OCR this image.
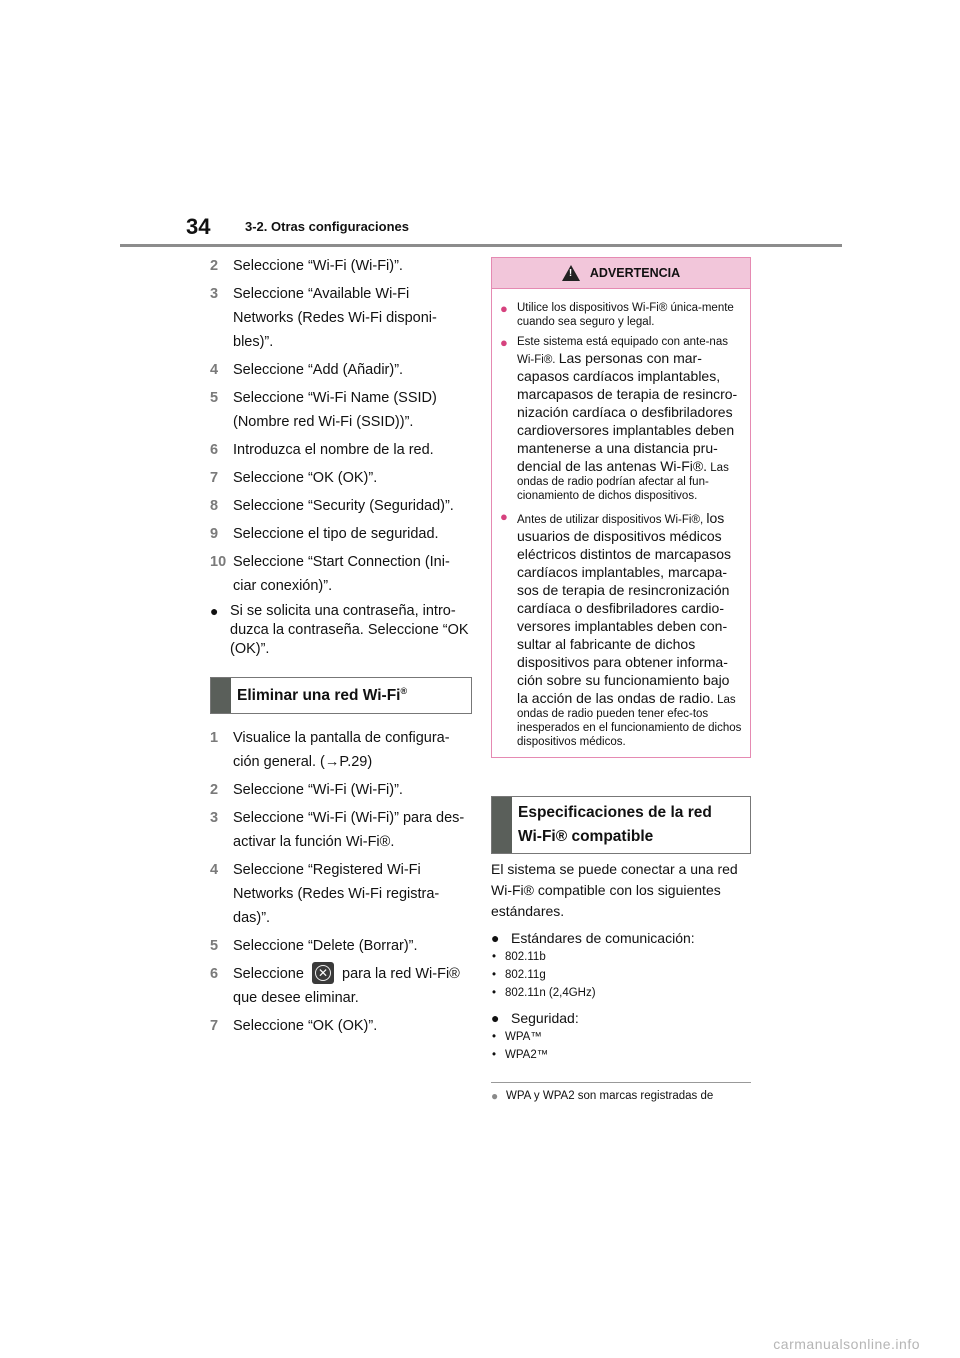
34	3-2. Otras configuraciones
2	Seleccione “Wi-Fi (Wi-Fi)”.
3	Seleccione “Available Wi-Fi Networks (Redes Wi-Fi disponi-bles)”.
4	Seleccione “Add (Añadir)”.
5	Seleccione “Wi-Fi Name (SSID) (Nombre red Wi-Fi (SSID))”.
6	Introduzca el nombre de la red.
7	Seleccione “OK (OK)”.
8	Seleccione “Security (Seguridad)”.
9	Seleccione el tipo de seguridad.
10 Seleccione “Start Connection (Ini-ciar conexión)”.
● Si se solicita una contraseña, intro-duzca la contraseña. Seleccione “OK (OK)”.
Eliminar una red Wi-Fi®
1	Visualice la pantalla de configura-ción general. (→P.29)
2	Seleccione “Wi-Fi (Wi-Fi)”.
3	Seleccione “Wi-Fi (Wi-Fi)” para des-activar la función Wi-Fi®.
4	Seleccione “Registered Wi-Fi Networks (Redes Wi-Fi registra-das)”.
5	Seleccione “Delete (Borrar)”.
6	Seleccione	✕ para la red Wi-Fi® que desee eliminar.
7	Seleccione “OK (OK)”.
! ADVERTENCIA
● Utilice los dispositivos Wi-Fi® única-mente cuando sea seguro y legal.
● Este sistema está equipado con ante-nas Wi-Fi®. Las personas con mar-capasos cardíacos implantables, marcapasos de terapia de resincro-nización cardíaca o desfibriladores cardioversores implantables deben mantenerse a una distancia pru-dencial de las antenas Wi-Fi®. Las ondas de radio podrían afectar al fun-cionamiento de dichos dispositivos.
● Antes de utilizar dispositivos Wi-Fi®, los usuarios de dispositivos médicos eléctricos distintos de marcapasos cardíacos implantables, marcapa-sos de terapia de resincronización cardíaca o desfibriladores cardio-versores implantables deben con-sultar al fabricante de dichos dispositivos para obtener informa-ción sobre su funcionamiento bajo la acción de las ondas de radio. Las ondas de radio pueden tener efec-tos inesperados en el funcionamiento de dichos dispositivos médicos.
Especificaciones de la red
Wi-Fi® compatible
El sistema se puede conectar a una red Wi-Fi® compatible con los siguientes estándares.
● Estándares de comunicación:
• 802.11b
• 802.11g
• 802.11n (2,4GHz)
● Seguridad:
• WPA™
• WPA2™
● WPA y WPA2 son marcas registradas de
carmanualsonline.info
